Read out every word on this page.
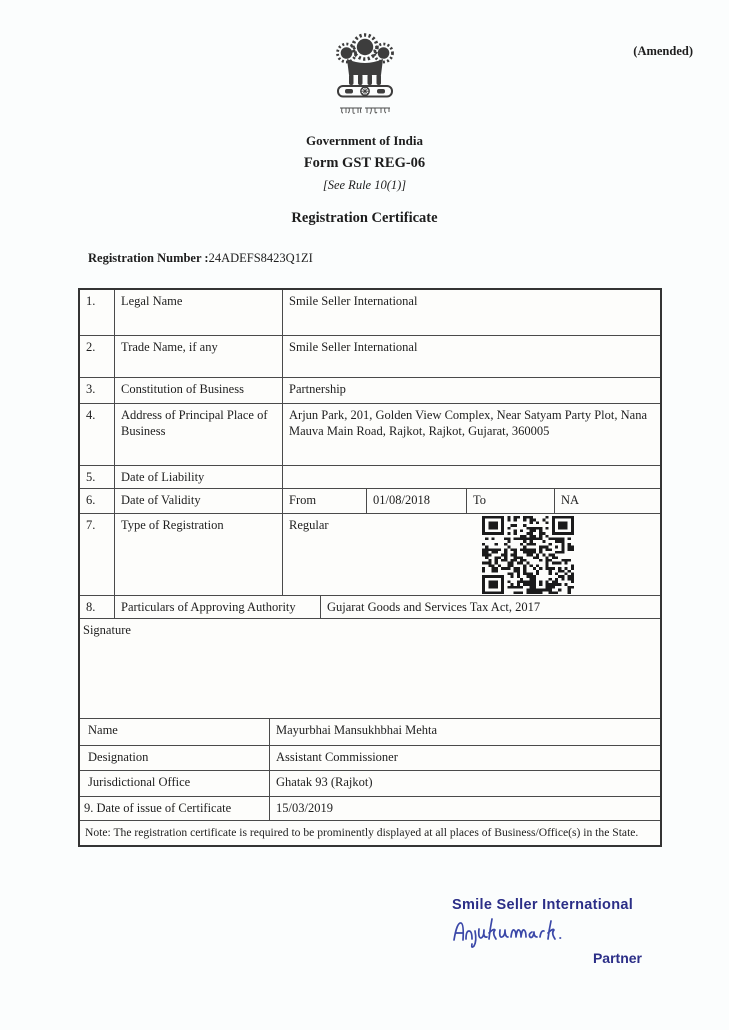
(Amended)
Government of India
Form GST REG-06
[See Rule 10(1)]
Registration Certificate
Registration Number :24ADEFS8423Q1ZI
1.	Legal Name	Smile Seller International
2.	Trade Name, if any	Smile Seller International
3.	Constitution of Business	Partnership
4.	Address of Principal Place of Business
Arjun Park, 201, Golden View Complex, Near Satyam Party Plot, Nana Mauva Main Road, Rajkot, Rajkot, Gujarat, 360005
5.	Date of Liability
6.	Date of Validity	From	01/08/2018	To	NA
7.	Type of Registration	Regular
8.	Particulars of Approving Authority	Gujarat Goods and Services Tax Act, 2017
Signature
Name	Mayurbhai Mansukhbhai Mehta
Designation	Assistant Commissioner
Jurisdictional Office	Ghatak 93 (Rajkot)
9. Date of issue of Certificate	15/03/2019
Note: The registration certificate is required to be prominently displayed at all places of Business/Office(s) in the State.
Smile Seller International
Partner
